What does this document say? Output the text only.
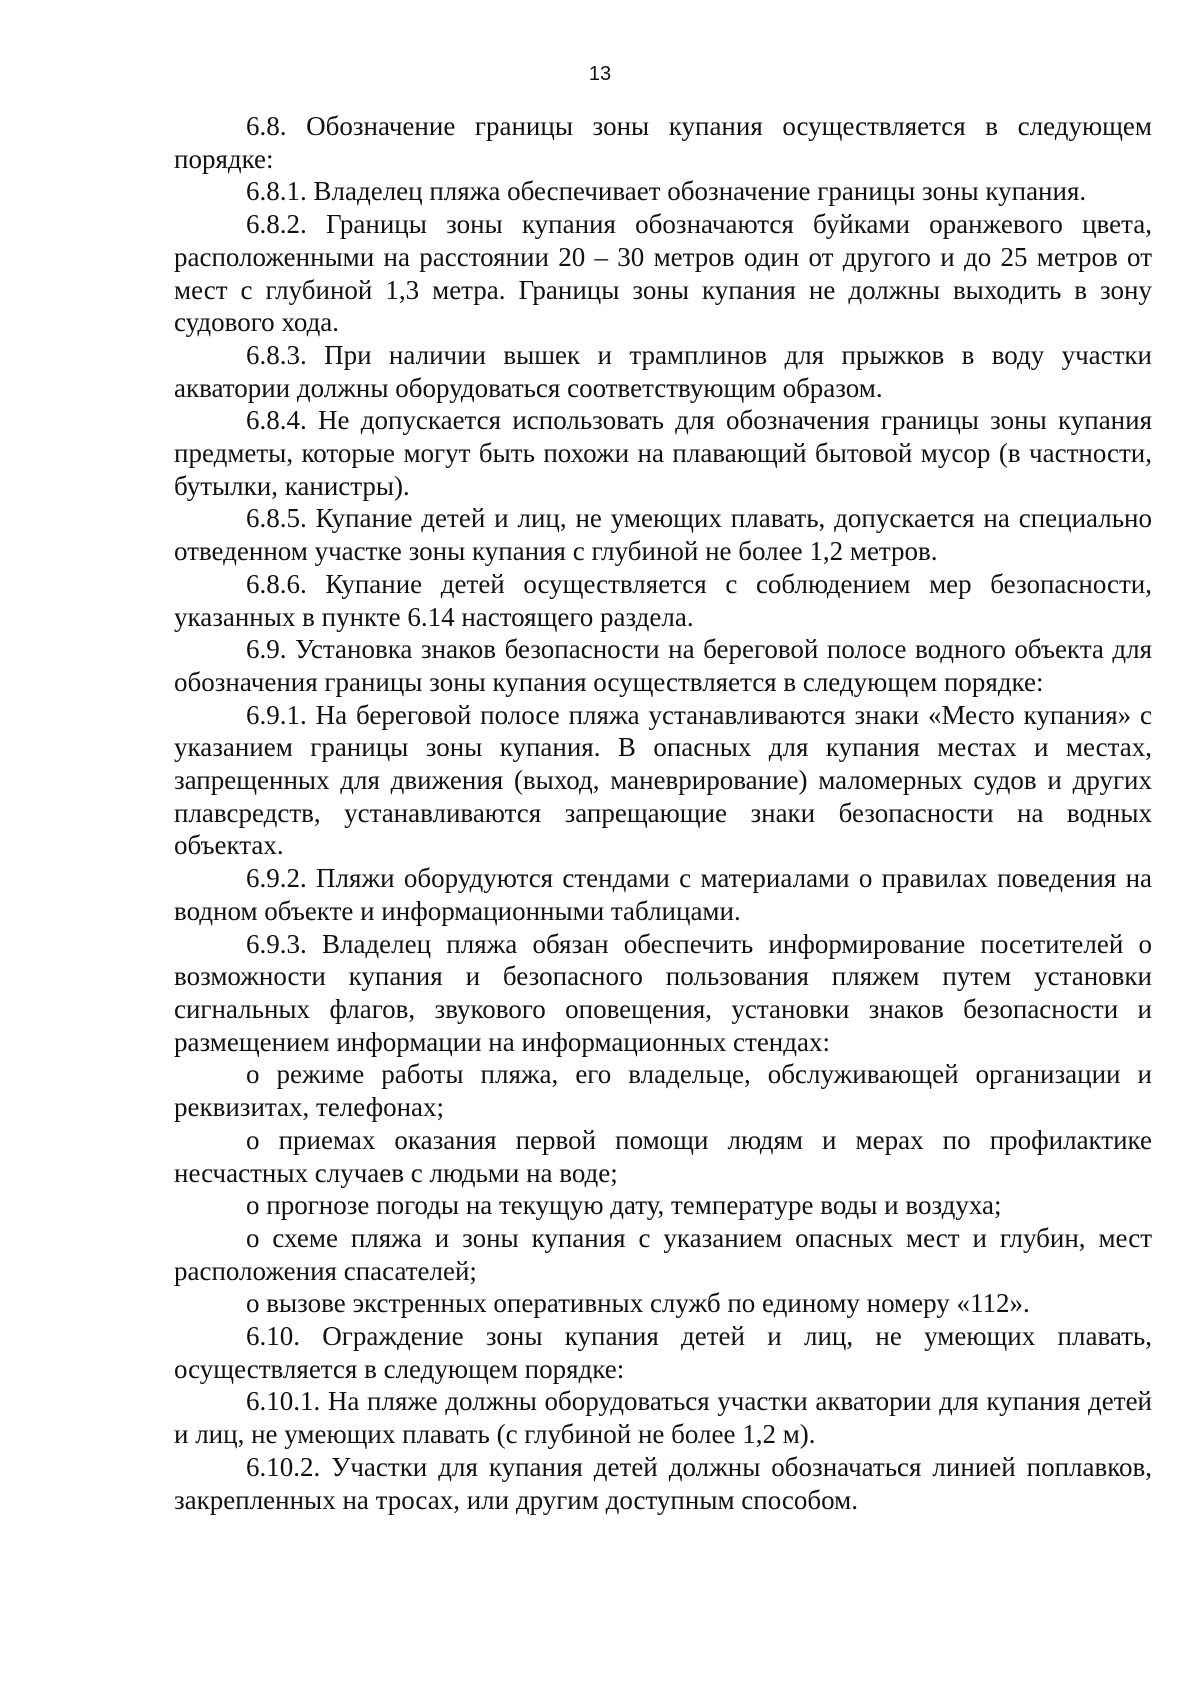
13

6.8. Обозначение границы зоны купания осуществляется в следующем порядке:

6.8.1. Владелец пляжа обеспечивает обозначение границы зоны купания.

6.8.2. Границы зоны купания обозначаются буйками оранжевого цвета, расположенными на расстоянии 20 – 30 метров один от другого и до 25 метров от мест с глубиной 1,3 метра. Границы зоны купания не должны выходить в зону судового хода.

6.8.3. При наличии вышек и трамплинов для прыжков в воду участки акватории должны оборудоваться соответствующим образом.

6.8.4. Не допускается использовать для обозначения границы зоны купания предметы, которые могут быть похожи на плавающий бытовой мусор (в частности, бутылки, канистры).

6.8.5. Купание детей и лиц, не умеющих плавать, допускается на специально отведенном участке зоны купания с глубиной не более 1,2 метров.

6.8.6. Купание детей осуществляется с соблюдением мер безопасности, указанных в пункте 6.14 настоящего раздела.

6.9. Установка знаков безопасности на береговой полосе водного объекта для обозначения границы зоны купания осуществляется в следующем порядке:

6.9.1. На береговой полосе пляжа устанавливаются знаки «Место купания» с указанием границы зоны купания. В опасных для купания местах и местах, запрещенных для движения (выход, маневрирование) маломерных судов и других плавсредств, устанавливаются запрещающие знаки безопасности на водных объектах.

6.9.2. Пляжи оборудуются стендами с материалами о правилах поведения на водном объекте и информационными таблицами.

6.9.3. Владелец пляжа обязан обеспечить информирование посетителей о возможности купания и безопасного пользования пляжем путем установки сигнальных флагов, звукового оповещения, установки знаков безопасности и размещением информации на информационных стендах:

о режиме работы пляжа, его владельце, обслуживающей организации и реквизитах, телефонах;

о приемах оказания первой помощи людям и мерах по профилактике несчастных случаев с людьми на воде;

о прогнозе погоды на текущую дату, температуре воды и воздуха;

о схеме пляжа и зоны купания с указанием опасных мест и глубин, мест расположения спасателей;

о вызове экстренных оперативных служб по единому номеру «112».

6.10. Ограждение зоны купания детей и лиц, не умеющих плавать, осуществляется в следующем порядке:

6.10.1. На пляже должны оборудоваться участки акватории для купания детей и лиц, не умеющих плавать (с глубиной не более 1,2 м).

6.10.2. Участки для купания детей должны обозначаться линией поплавков, закрепленных на тросах, или другим доступным способом.
